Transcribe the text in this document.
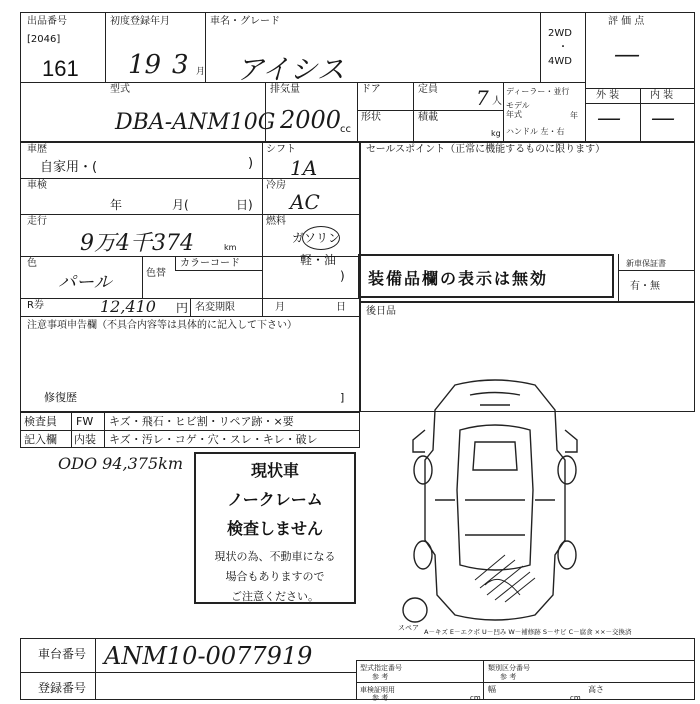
出品番号
[2046]
161
初度登録年月
19 3 月
車名・グレード
アイシス
2WD
・
4WD
評 価 点
―
外 装	内 装
― ―
型式
DBA-ANM10G
排気量
2000
cc
ドア	定員 7 人
ディーラー・並行
モデル年式	年
形状	積載
kg ハンドル 左・右
車歴
自家用・(	)
車検
年	月(	日)
走行
9万4千374	km
色
パール	色替
カラーコード
R券	12,410 円 名変期限	月	日
注意事項申告欄（不具合内容等は具体的に記入して下さい）
修復歴	]
シフト
1A
冷房
AC
燃料
ガソリン
軽・油
)
セールスポイント（正常に機能するものに限ります）
装備品欄の表示は無効
新車保証書
有・無
後日品
検査員 FW キズ・飛石・ヒビ割・リペア跡・×要
記入欄 内装 キズ・汚レ・コゲ・穴・スレ・キレ・破レ
ODO 94,375km	現状車
ノークレーム
検査しません
現状の為、不動車になる
場合もありますので
ご注意ください。
スペア A－キズ E－エクボ U－凹み W－補修跡 S－サビ C－腐食 ××－交換済
車台番号 ANM10-0077919
登録番号
型式指定番号
参 考
類別区分番号
参 考
車検証明用
参 考
幅
cm
高さ
cm
